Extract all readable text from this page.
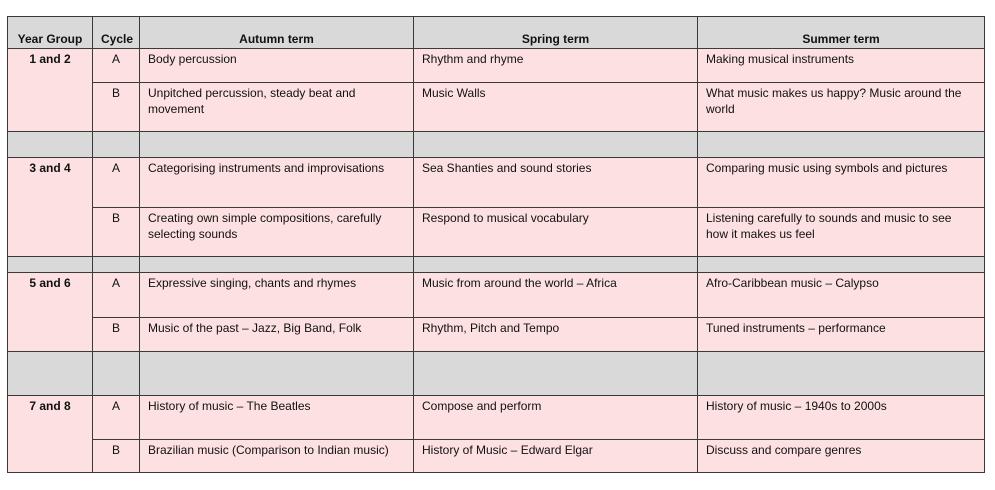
Year Group	Cycle	Autumn term	Spring term	Summer term
1 and 2	A	Body percussion	Rhythm and rhyme	Making musical instruments
	B	Unpitched percussion, steady beat and movement	Music Walls	What music makes us happy? Music around the world

3 and 4	A	Categorising instruments and improvisations	Sea Shanties and sound stories	Comparing music using symbols and pictures
	B	Creating own simple compositions, carefully selecting sounds	Respond to musical vocabulary	Listening carefully to sounds and music to see how it makes us feel

5 and 6	A	Expressive singing, chants and rhymes	Music from around the world – Africa	Afro-Caribbean music – Calypso
	B	Music of the past – Jazz, Big Band, Folk	Rhythm, Pitch and Tempo	Tuned instruments – performance

7 and 8	A	History of music – The Beatles	Compose and perform	History of music – 1940s to 2000s
	B	Brazilian music (Comparison to Indian music)	History of Music – Edward Elgar	Discuss and compare genres
